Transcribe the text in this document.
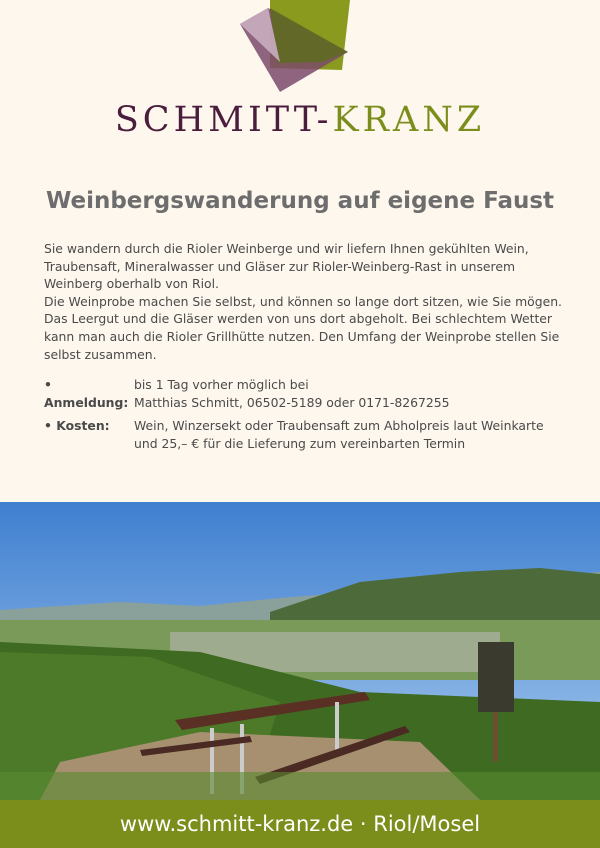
SCHMITT-KRANZ
Weinbergswanderung auf eigene Faust

Sie wandern durch die Rioler Weinberge und wir liefern Ihnen gekühlten Wein, Traubensaft, Mineralwasser und Gläser zur Rioler-Weinberg-Rast in unserem Weinberg oberhalb von Riol.

Die Weinprobe machen Sie selbst, und können so lange dort sitzen, wie Sie mögen. Das Leergut und die Gläser werden von uns dort abgeholt. Bei schlechtem Wetter kann man auch die Rioler Grillhütte nutzen. Den Umfang der Weinprobe stellen Sie selbst zusammen.

• Anmeldung:
bis 1 Tag vorher möglich bei
Matthias Schmitt, 06502-5189 oder 0171-8267255
• Kosten:	Wein, Winzersekt oder Traubensaft zum Abholpreis laut Weinkarte
und 25,– € für die Lieferung zum vereinbarten Termin
www.schmitt-kranz.de · Riol/Mosel
